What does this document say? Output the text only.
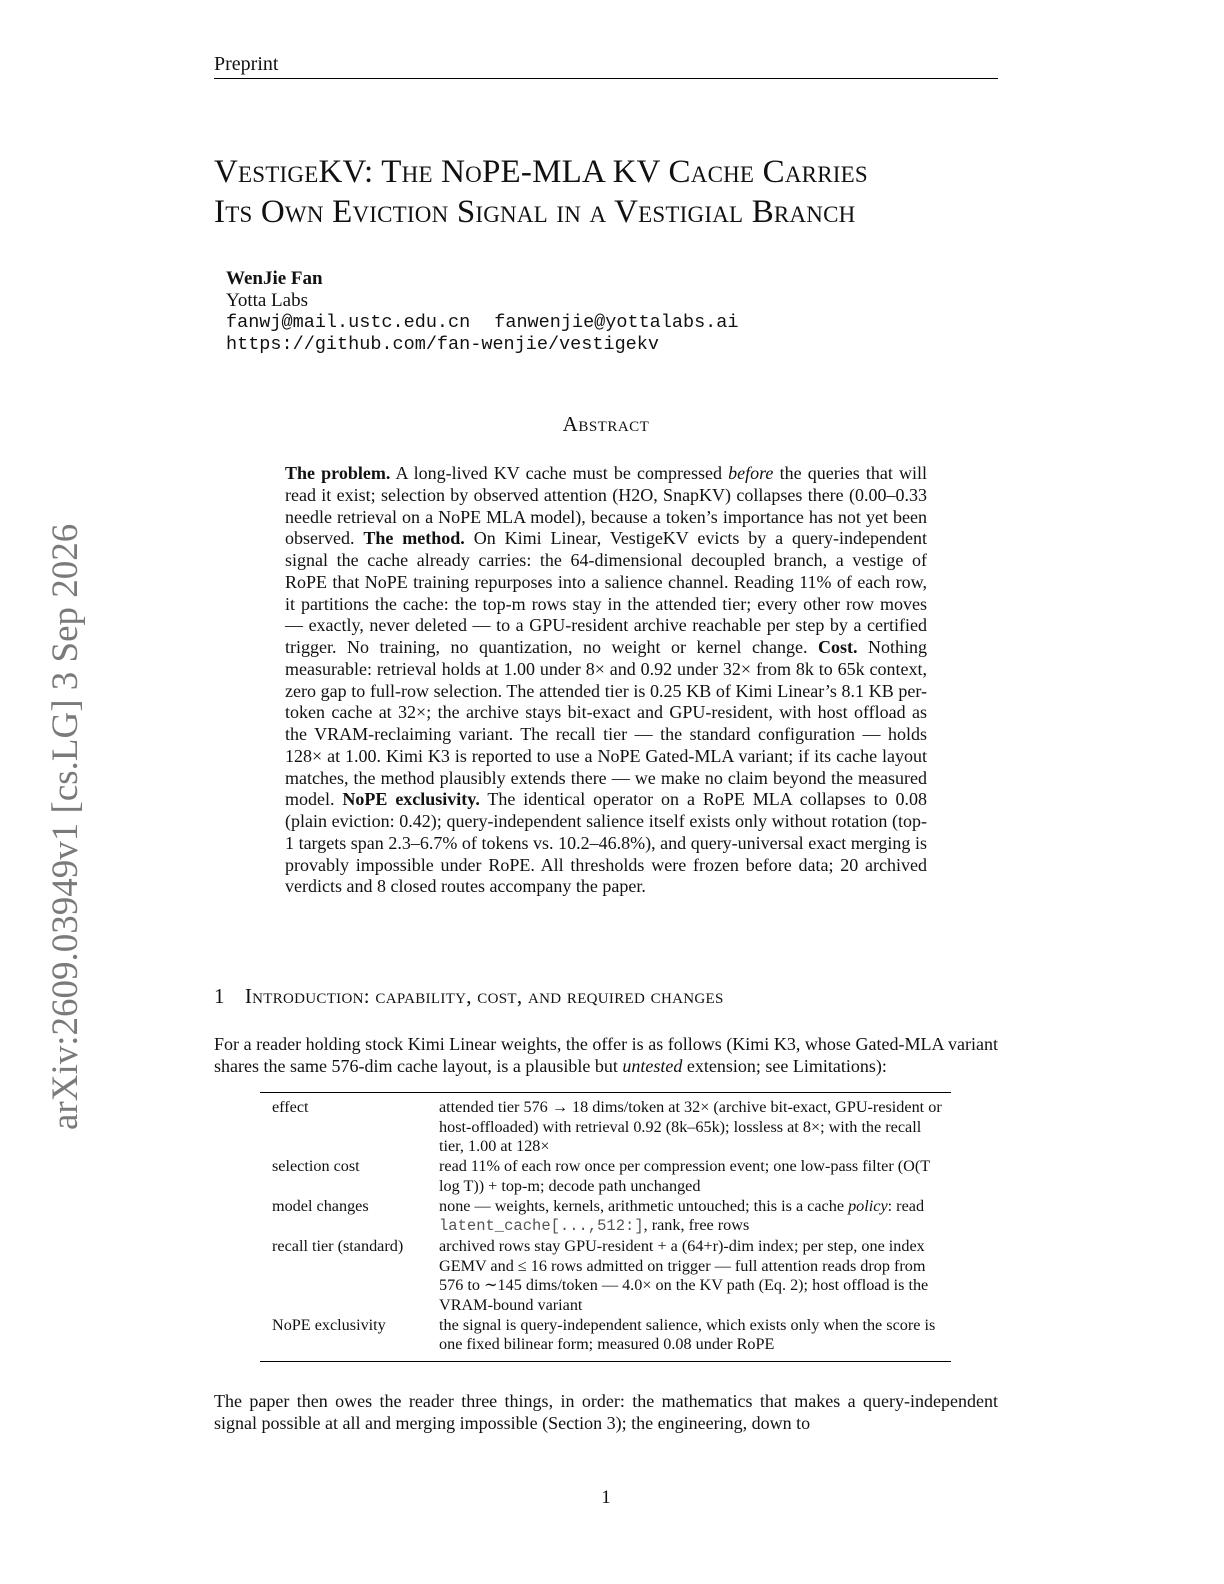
Preprint
VestigeKV: The NoPE-MLA KV Cache Carries
Its Own Eviction Signal in a Vestigial Branch
WenJie Fan
Yotta Labs
fanwj@mail.ustc.edu.cn fanwenjie@yottalabs.ai
https://github.com/fan-wenjie/vestigekv
arXiv:2609.03949v1 [cs.LG] 3 Sep 2026
Abstract
The problem. A long-lived KV cache must be compressed before the queries that will read it exist; selection by observed attention (H2O, SnapKV) collapses there (0.00–0.33 needle retrieval on a NoPE MLA model), because a token’s importance has not yet been observed. The method. On Kimi Linear, VestigeKV evicts by a query-independent signal the cache already carries: the 64-dimensional decoupled branch, a vestige of RoPE that NoPE training repurposes into a salience channel. Reading 11% of each row, it partitions the cache: the top-m rows stay in the attended tier; every other row moves — exactly, never deleted — to a GPU-resident archive reachable per step by a certified trigger. No training, no quantization, no weight or kernel change. Cost. Nothing measurable: retrieval holds at 1.00 under 8× and 0.92 under 32× from 8k to 65k context, zero gap to full-row selection. The attended tier is 0.25 KB of Kimi Linear’s 8.1 KB per-token cache at 32×; the archive stays bit-exact and GPU-resident, with host offload as the VRAM-reclaiming variant. The recall tier — the standard configuration — holds 128× at 1.00. Kimi K3 is reported to use a NoPE Gated-MLA variant; if its cache layout matches, the method plausibly extends there — we make no claim beyond the measured model. NoPE exclusivity. The identical operator on a RoPE MLA collapses to 0.08 (plain eviction: 0.42); query-independent salience itself exists only without rotation (top-1 targets span 2.3–6.7% of tokens vs. 10.2–46.8%), and query-universal exact merging is provably impossible under RoPE. All thresholds were frozen before data; 20 archived verdicts and 8 closed routes accompany the paper.
1 Introduction: capability, cost, and required changes
For a reader holding stock Kimi Linear weights, the offer is as follows (Kimi K3, whose Gated-MLA variant shares the same 576-dim cache layout, is a plausible but untested extension; see Limitations):
effect	attended tier 576 → 18 dims/token at 32× (archive bit-exact, GPU-resident or host-offloaded) with retrieval 0.92 (8k–65k); lossless at 8×; with the recall tier, 1.00 at 128×
selection cost	read 11% of each row once per compression event; one low-pass filter (O(T log T)) + top-m; decode path unchanged
model changes	none — weights, kernels, arithmetic untouched; this is a cache policy: read latent_cache[...,512:], rank, free rows
recall tier (standard)	archived rows stay GPU-resident + a (64+r)-dim index; per step, one index GEMV and ≤ 16 rows admitted on trigger — full attention reads drop from 576 to ∼145 dims/token — 4.0× on the KV path (Eq. 2); host offload is the VRAM-bound variant
NoPE exclusivity	the signal is query-independent salience, which exists only when the score is one fixed bilinear form; measured 0.08 under RoPE
The paper then owes the reader three things, in order: the mathematics that makes a query-independent signal possible at all and merging impossible (Section 3); the engineering, down to
1
